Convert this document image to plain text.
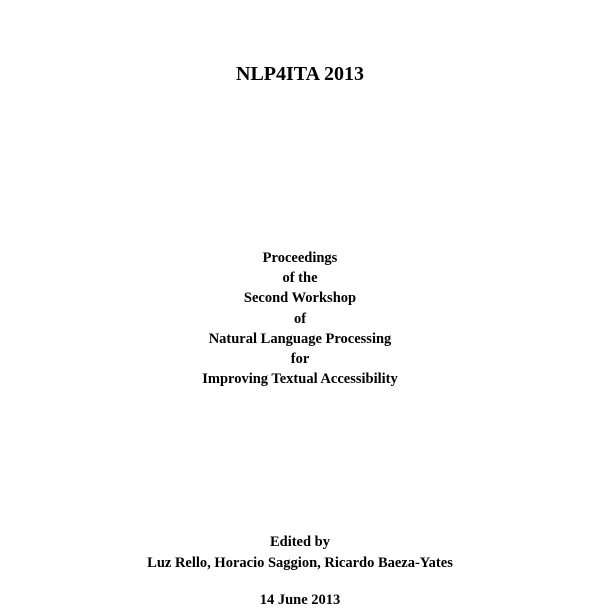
NLP4ITA 2013
Proceedings
of the
Second Workshop
of
Natural Language Processing
for
Improving Textual Accessibility
Edited by
Luz Rello, Horacio Saggion, Ricardo Baeza-Yates
14 June 2013
